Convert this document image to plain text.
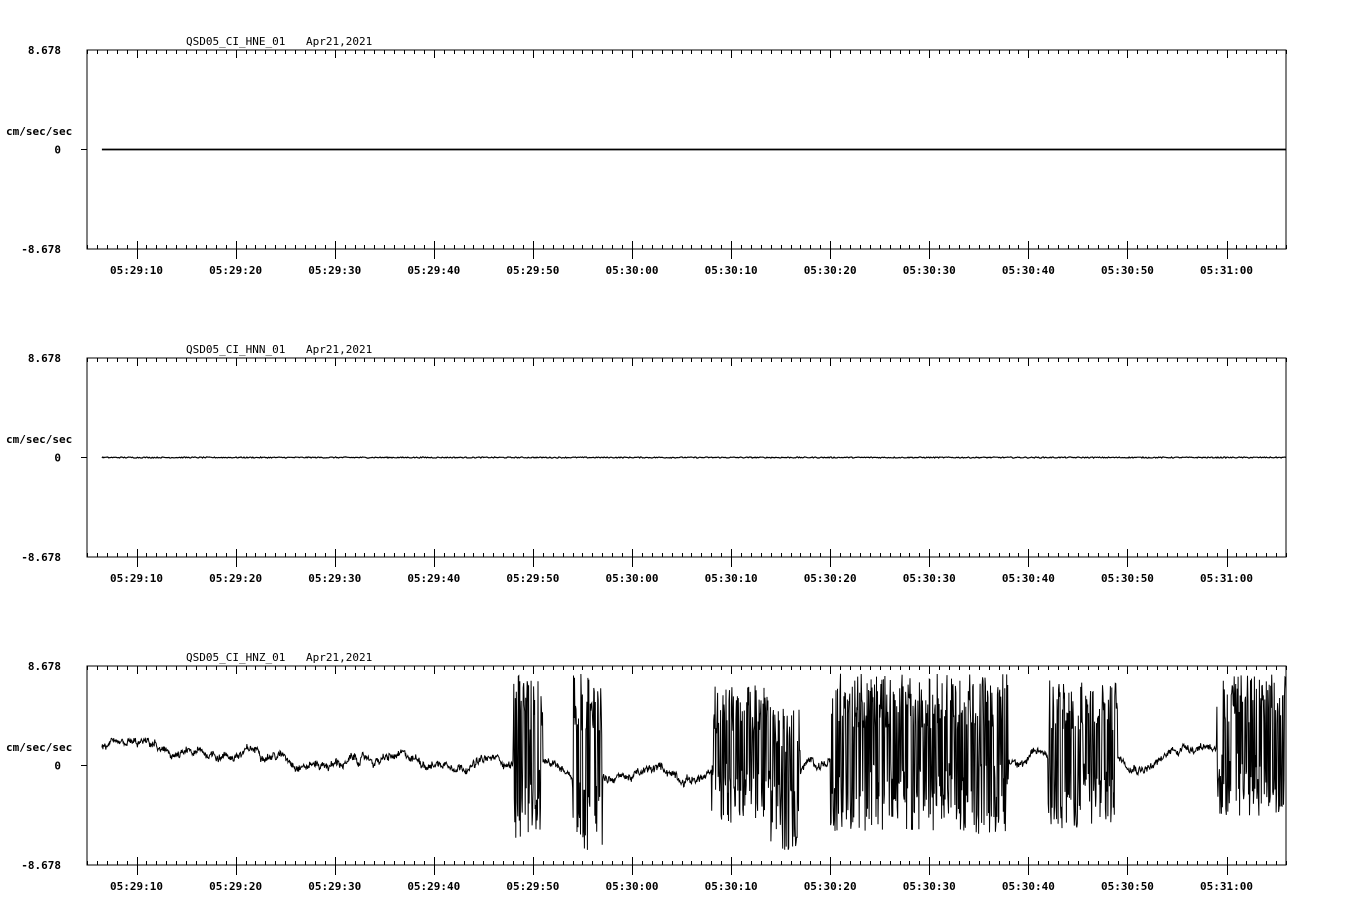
QSD05_CI_HNE_01 Apr21,2021
8.678
0
-8.678
cm/sec/sec
05:29:10	05:29:20	05:29:30	05:29:40	05:29:50	05:30:00	05:30:10	05:30:20	05:30:30	05:30:40	05:30:50	05:31:00
QSD05_CI_HNN_01 Apr21,2021
8.678
0
-8.678
cm/sec/sec
05:29:10	05:29:20	05:29:30	05:29:40	05:29:50	05:30:00	05:30:10	05:30:20	05:30:30	05:30:40	05:30:50	05:31:00
QSD05_CI_HNZ_01 Apr21,2021
8.678
0
-8.678
cm/sec/sec
05:29:10	05:29:20	05:29:30	05:29:40	05:29:50	05:30:00	05:30:10	05:30:20	05:30:30	05:30:40	05:30:50	05:31:00
